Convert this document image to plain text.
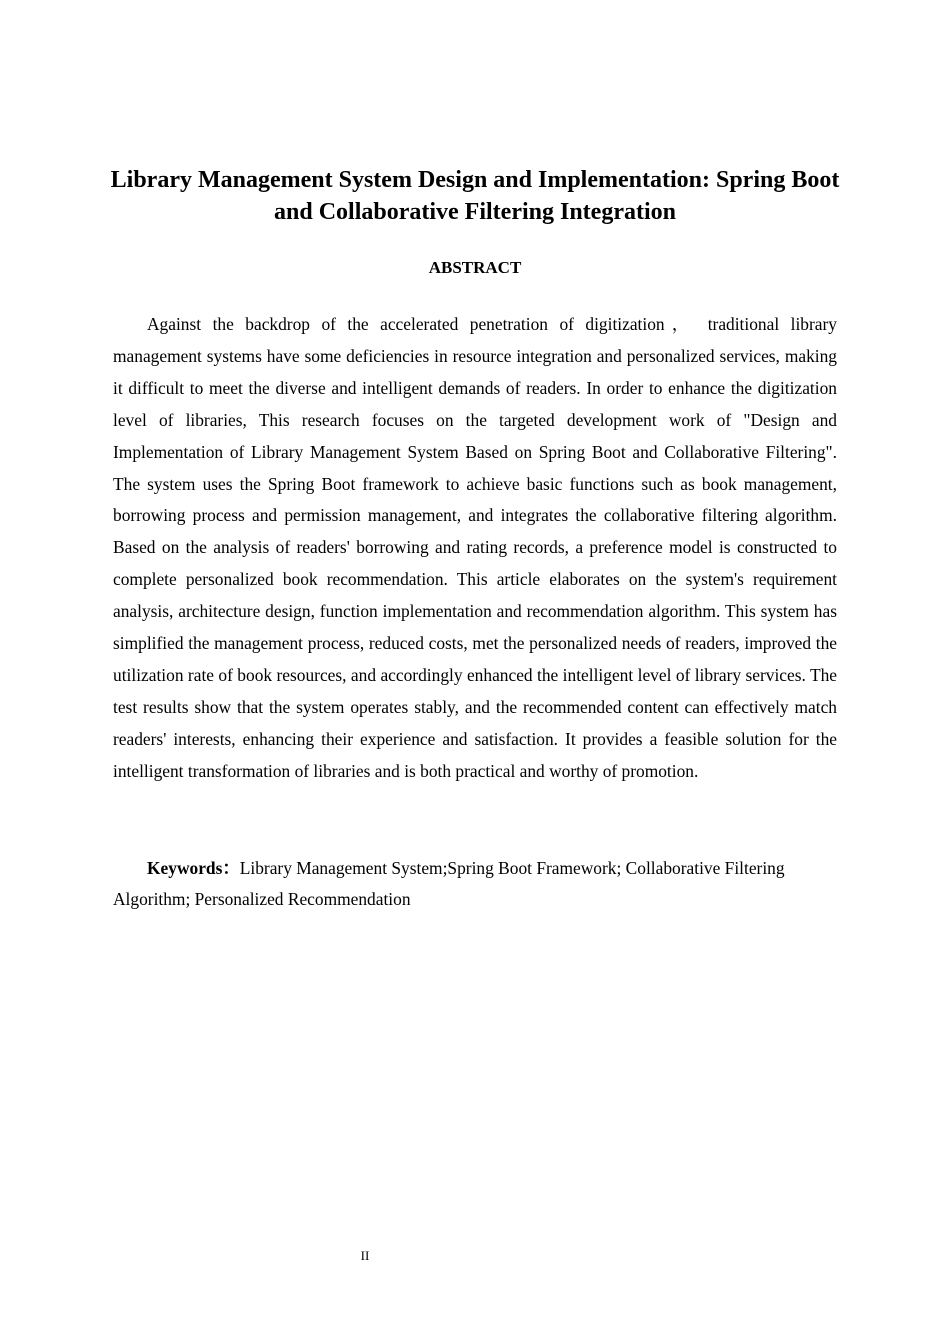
Library Management System Design and Implementation: Spring Boot and Collaborative Filtering Integration
ABSTRACT

Against the backdrop of the accelerated penetration of digitization， traditional library management systems have some deficiencies in resource integration and personalized services, making it difficult to meet the diverse and intelligent demands of readers. In order to enhance the digitization level of libraries, This research focuses on the targeted development work of "Design and Implementation of Library Management System Based on Spring Boot and Collaborative Filtering". The system uses the Spring Boot framework to achieve basic functions such as book management, borrowing process and permission management, and integrates the collaborative filtering algorithm. Based on the analysis of readers' borrowing and rating records, a preference model is constructed to complete personalized book recommendation. This article elaborates on the system's requirement analysis, architecture design, function implementation and recommendation algorithm. This system has simplified the management process, reduced costs, met the personalized needs of readers, improved the utilization rate of book resources, and accordingly enhanced the intelligent level of library services. The test results show that the system operates stably, and the recommended content can effectively match readers' interests, enhancing their experience and satisfaction. It provides a feasible solution for the intelligent transformation of libraries and is both practical and worthy of promotion.

Keywords：Library Management System;Spring Boot Framework; Collaborative Filtering Algorithm; Personalized Recommendation

II
